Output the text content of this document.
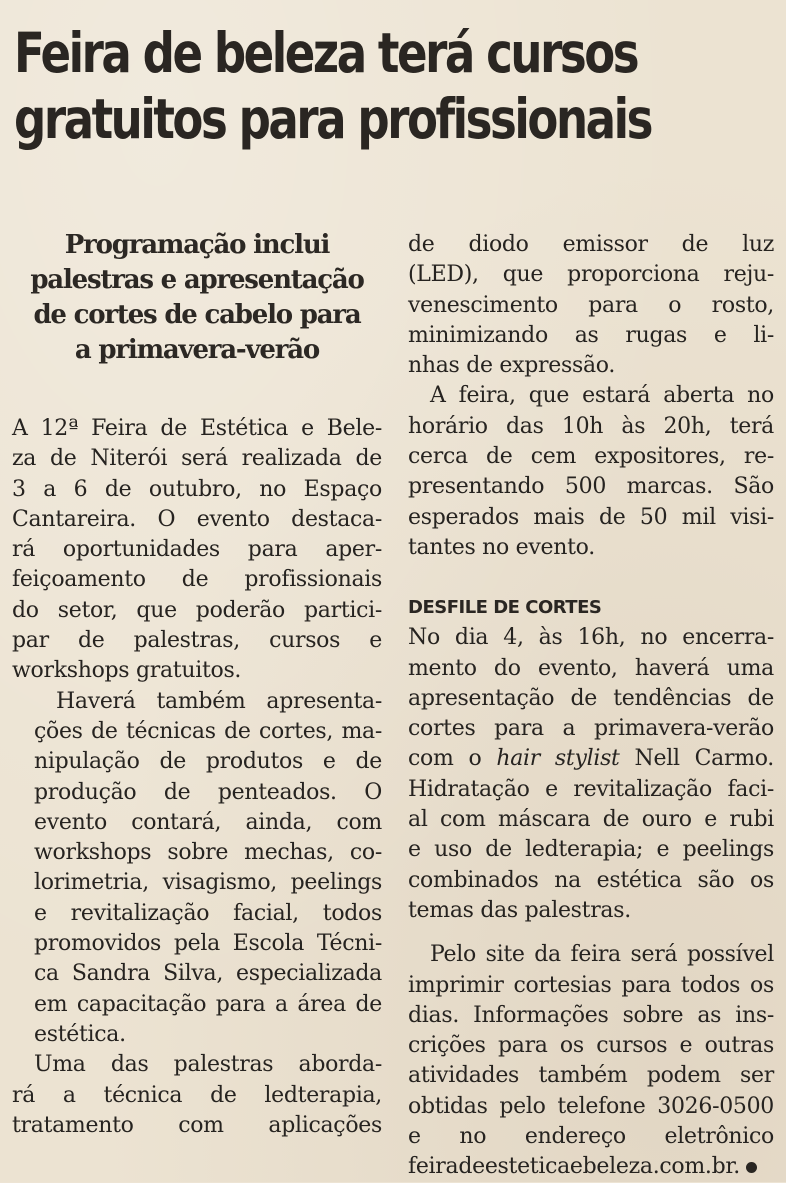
Feira de beleza terá cursos
gratuitos para profissionais
Programação inclui
palestras e apresentação
de cortes de cabelo para
a primavera-verão
A 12ª Feira de Estética e Bele-
za de Niterói será realizada de
3 a 6 de outubro, no Espaço
Cantareira. O evento destaca-
rá oportunidades para aper-
feiçoamento de profissionais
do setor, que poderão partici-
par de palestras, cursos e
workshops gratuitos.
Haverá também apresenta-
ções de técnicas de cortes, ma-
nipulação de produtos e de
produção de penteados. O
evento contará, ainda, com
workshops sobre mechas, co-
lorimetria, visagismo, peelings
e revitalização facial, todos
promovidos pela Escola Técni-
ca Sandra Silva, especializada
em capacitação para a área de
estética.
Uma das palestras aborda-
rá a técnica de ledterapia,
tratamento com aplicações
de diodo emissor de luz
(LED), que proporciona reju-
venescimento para o rosto,
minimizando as rugas e li-
nhas de expressão.
A feira, que estará aberta no
horário das 10h às 20h, terá
cerca de cem expositores, re-
presentando 500 marcas. São
esperados mais de 50 mil visi-
tantes no evento.
DESFILE DE CORTES
No dia 4, às 16h, no encerra-
mento do evento, haverá uma
apresentação de tendências de
cortes para a primavera-verão
com o hair stylist Nell Carmo.
Hidratação e revitalização faci-
al com máscara de ouro e rubi
e uso de ledterapia; e peelings
combinados na estética são os
temas das palestras.
Pelo site da feira será possível
imprimir cortesias para todos os
dias. Informações sobre as ins-
crições para os cursos e outras
atividades também podem ser
obtidas pelo telefone 3026-0500
e no endereço eletrônico
feiradeesteticaebeleza.com.br.
